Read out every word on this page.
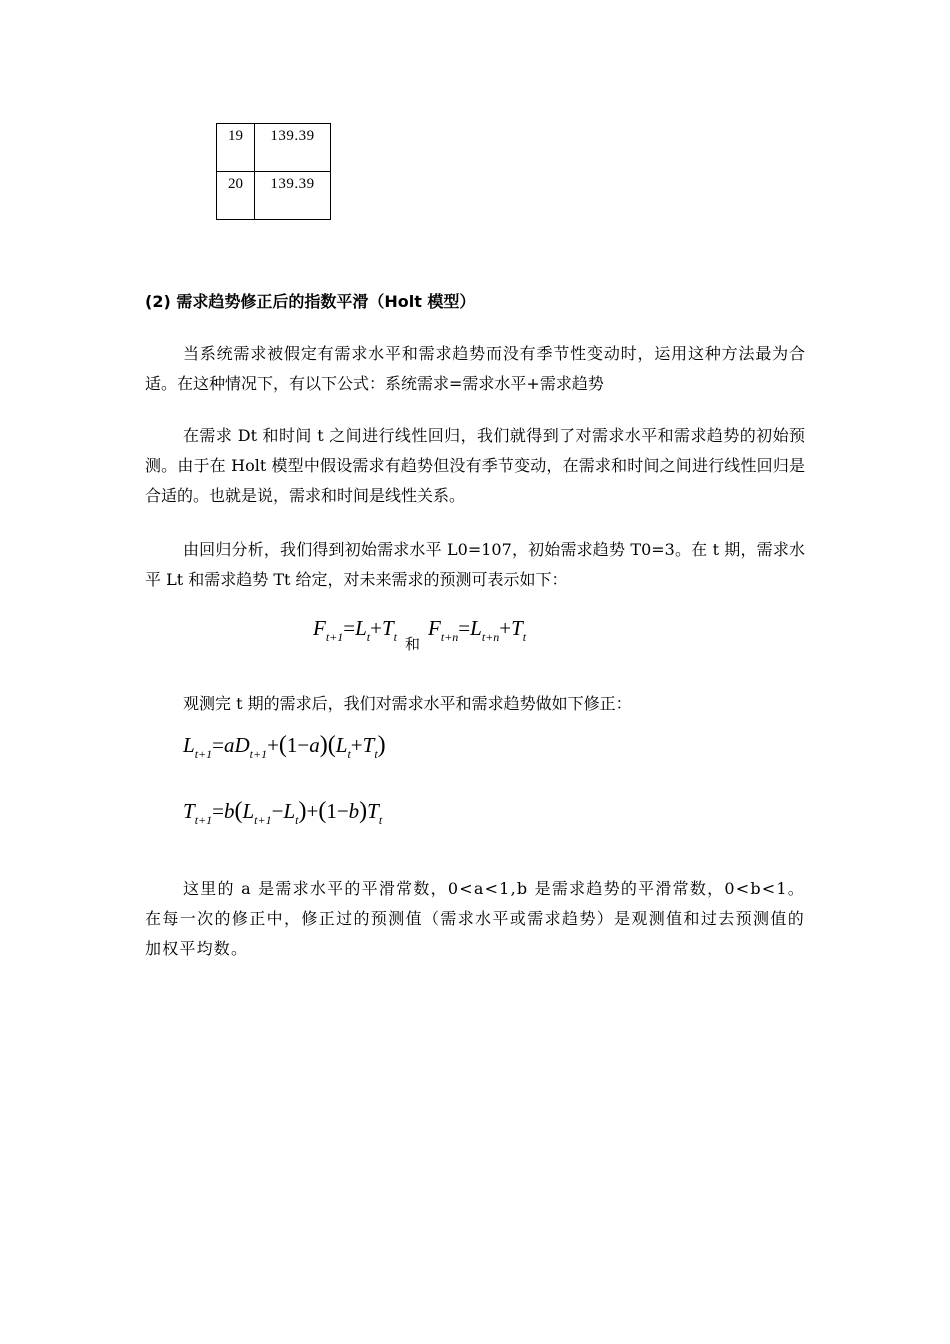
19	139.39
20	139.39
(2) 需求趋势修正后的指数平滑（Holt 模型）

当系统需求被假定有需求水平和需求趋势而没有季节性变动时，运用这种方法最为合适。在这种情况下，有以下公式：系统需求=需求水平+需求趋势

在需求 Dt 和时间 t 之间进行线性回归，我们就得到了对需求水平和需求趋势的初始预测。由于在 Holt 模型中假设需求有趋势但没有季节变动，在需求和时间之间进行线性回归是合适的。也就是说，需求和时间是线性关系。

由回归分析，我们得到初始需求水平 L0=107，初始需求趋势 T0=3。在 t 期，需求水平 Lt 和需求趋势 Tt 给定，对未来需求的预测可表示如下：

$F_{t+1}=L_t+T_t$ $_和F_{t+n}=L_{t+n}+T_t$

观测完 t 期的需求后，我们对需求水平和需求趋势做如下修正：

$L_{t+1}=aD_{t+1}+(1-a)(L_t+T_t)$
$T_{t+1}=b(L_{t+1}-L_t)+(1-b)T_t$

这里的 a 是需求水平的平滑常数，0<a<1,b 是需求趋势的平滑常数，0<b<1。在每一次的修正中，修正过的预测值（需求水平或需求趋势）是观测值和过去预测值的加权平均数。
